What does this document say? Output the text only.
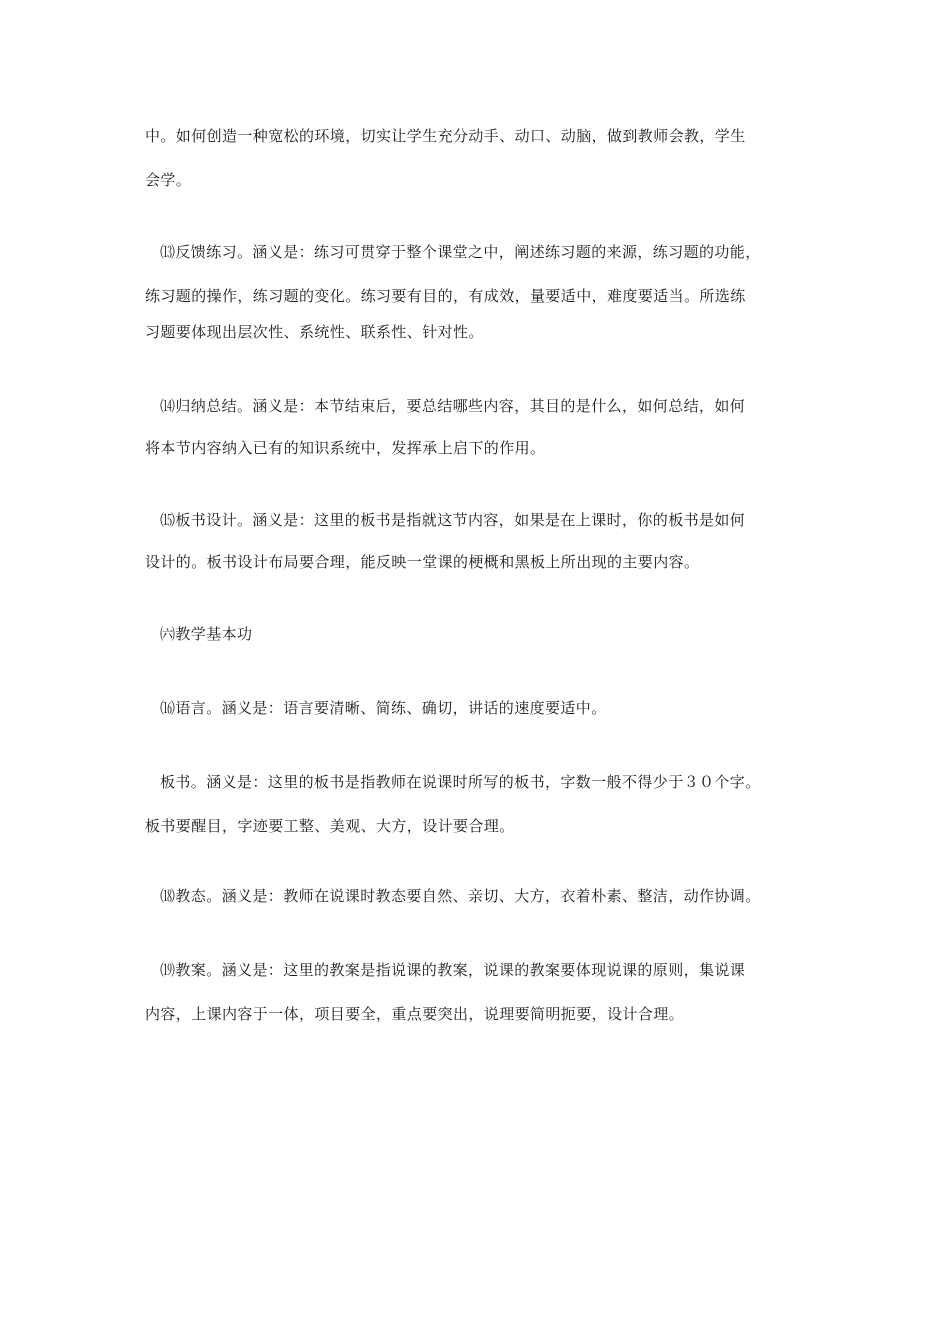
中。如何创造一种宽松的环境，切实让学生充分动手、动口、动脑，做到教师会教，学生
会学。
⒀反馈练习。涵义是：练习可贯穿于整个课堂之中，阐述练习题的来源，练习题的功能，
练习题的操作，练习题的变化。练习要有目的，有成效，量要适中，难度要适当。所选练
习题要体现出层次性、系统性、联系性、针对性。
⒁归纳总结。涵义是：本节结束后，要总结哪些内容，其目的是什么，如何总结，如何
将本节内容纳入已有的知识系统中，发挥承上启下的作用。
⒂板书设计。涵义是：这里的板书是指就这节内容，如果是在上课时，你的板书是如何
设计的。板书设计布局要合理，能反映一堂课的梗概和黑板上所出现的主要内容。
㈥教学基本功
⒃语言。涵义是：语言要清晰、简练、确切，讲话的速度要适中。
板书。涵义是：这里的板书是指教师在说课时所写的板书，字数一般不得少于３０个字。
板书要醒目，字迹要工整、美观、大方，设计要合理。
⒅教态。涵义是：教师在说课时教态要自然、亲切、大方，衣着朴素、整洁，动作协调。
⒆教案。涵义是：这里的教案是指说课的教案，说课的教案要体现说课的原则，集说课
内容，上课内容于一体，项目要全，重点要突出，说理要简明扼要，设计合理。
